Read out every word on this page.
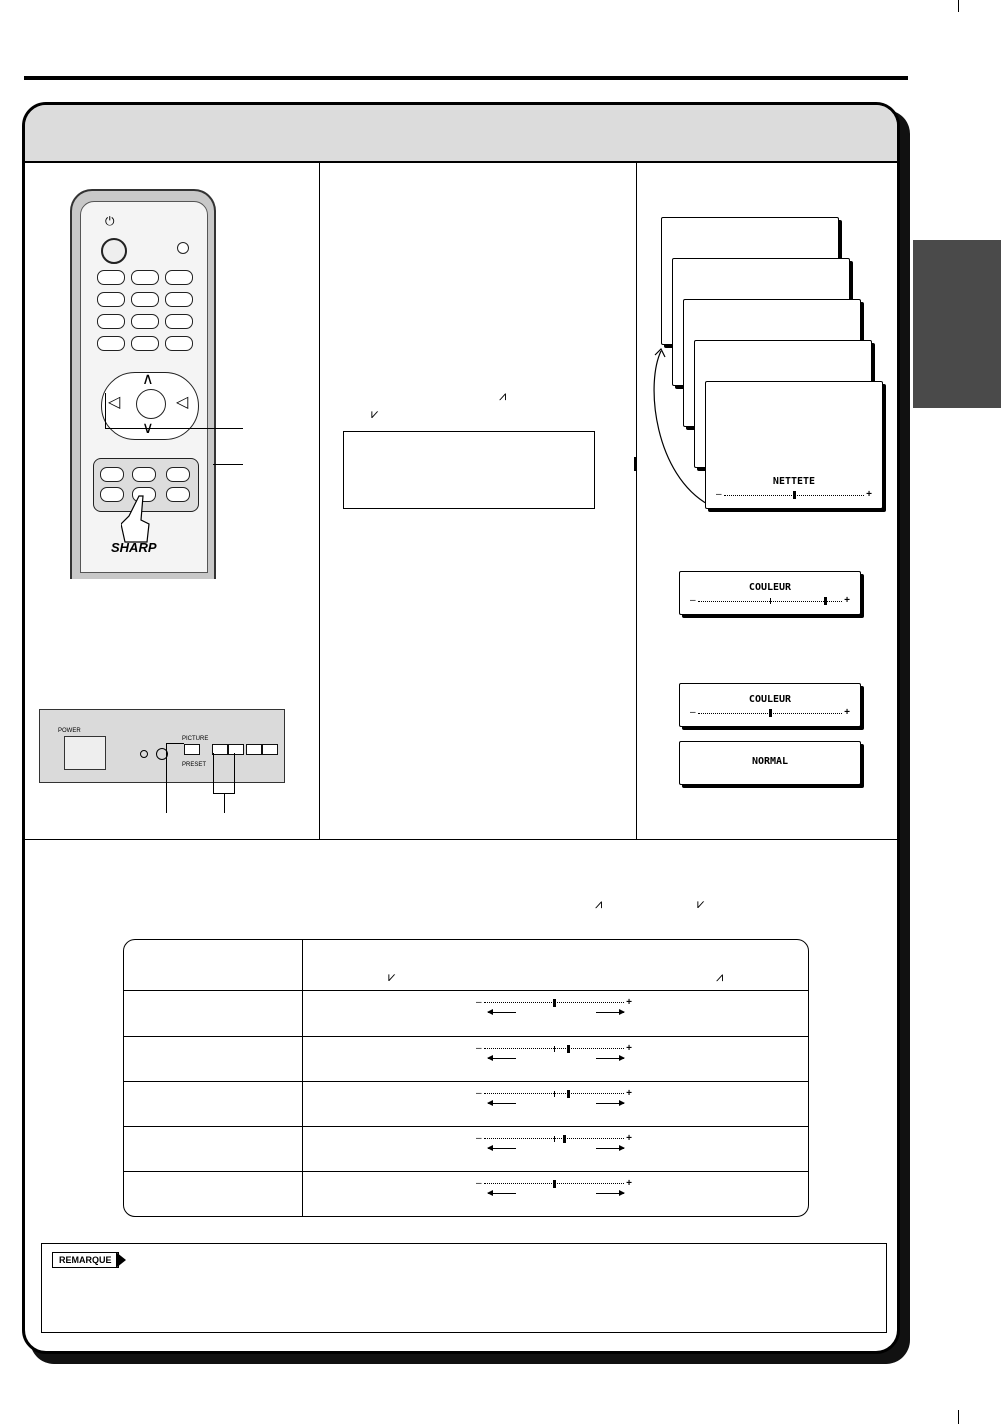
⏻
∧
◁	◁
SHARP
POWER
PICTURE
PRESET
⩘
⩗
NETTETE
–	+
COULEUR
–	+
COULEUR
–	+
NORMAL
⩘	⩗
⩗	⩘
–	+
–	+
–	+
–	+
–	+
REMARQUE
